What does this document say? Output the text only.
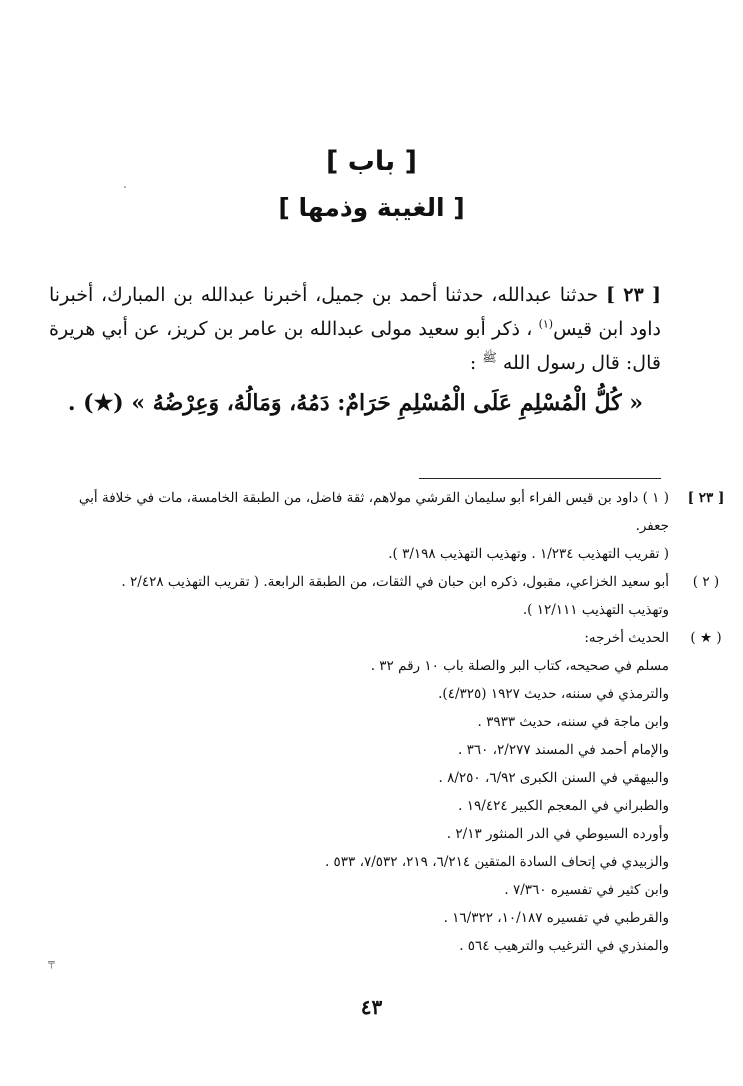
[ باب ]
[ الغيبة وذمها ]

[ ٢٣ ] حدثنا عبدالله، حدثنا أحمد بن جميل، أخبرنا عبدالله بن المبارك، أخبرنا داود ابن قيس$^{(١)}$ ، ذكر أبو سعيد مولى عبدالله بن عامر بن كريز، عن أبي هريرة قال: قال رسول الله $^ﷺ$ :

« كُلُّ الْمُسْلِمِ عَلَى الْمُسْلِمِ حَرَامٌ: دَمُهُ، وَمَالُهُ، وَعِرْضُهُ » (★) .

[ ٢٣ ]

( ١ ) داود بن قيس الفراء أبو سليمان القرشي مولاهم، ثقة فاضل، من الطبقة الخامسة، مات في خلافة أبي

جعفر.

( تقريب التهذيب ١/٢٣٤ . وتهذيب التهذيب ٣/١٩٨ ).

( ٢ )

أبو سعيد الخزاعي، مقبول، ذكره ابن حبان في الثقات، من الطبقة الرابعة. ( تقريب التهذيب ٢/٤٢٨ .

وتهذيب التهذيب ١٢/١١١ ).

( ★ )

الحديث أخرجه:

مسلم في صحيحه، كتاب البر والصلة باب ١٠ رقم ٣٢ .

والترمذي في سننه، حديث ١٩٢٧ (٤/٣٢٥).

وابن ماجة في سننه، حديث ٣٩٣٣ .

والإمام أحمد في المسند ٢/٢٧٧، ٣٦٠ .

والبيهقي في السنن الكبرى ٦/٩٢، ٨/٢٥٠ .

والطبراني في المعجم الكبير ١٩/٤٢٤ .

وأورده السيوطي في الدر المنثور ٢/١٣ .

والزبيدي في إتحاف السادة المتقين ٦/٢١٤، ٢١٩، ٧/٥٣٢، ٥٣٣ .

وابن كثير في تفسيره ٧/٣٦٠ .

والقرطبي في تفسيره ١٠/١٨٧، ١٦/٣٢٢ .

والمنذري في الترغيب والترهيب ٥٦٤ .

٤٣
╤
